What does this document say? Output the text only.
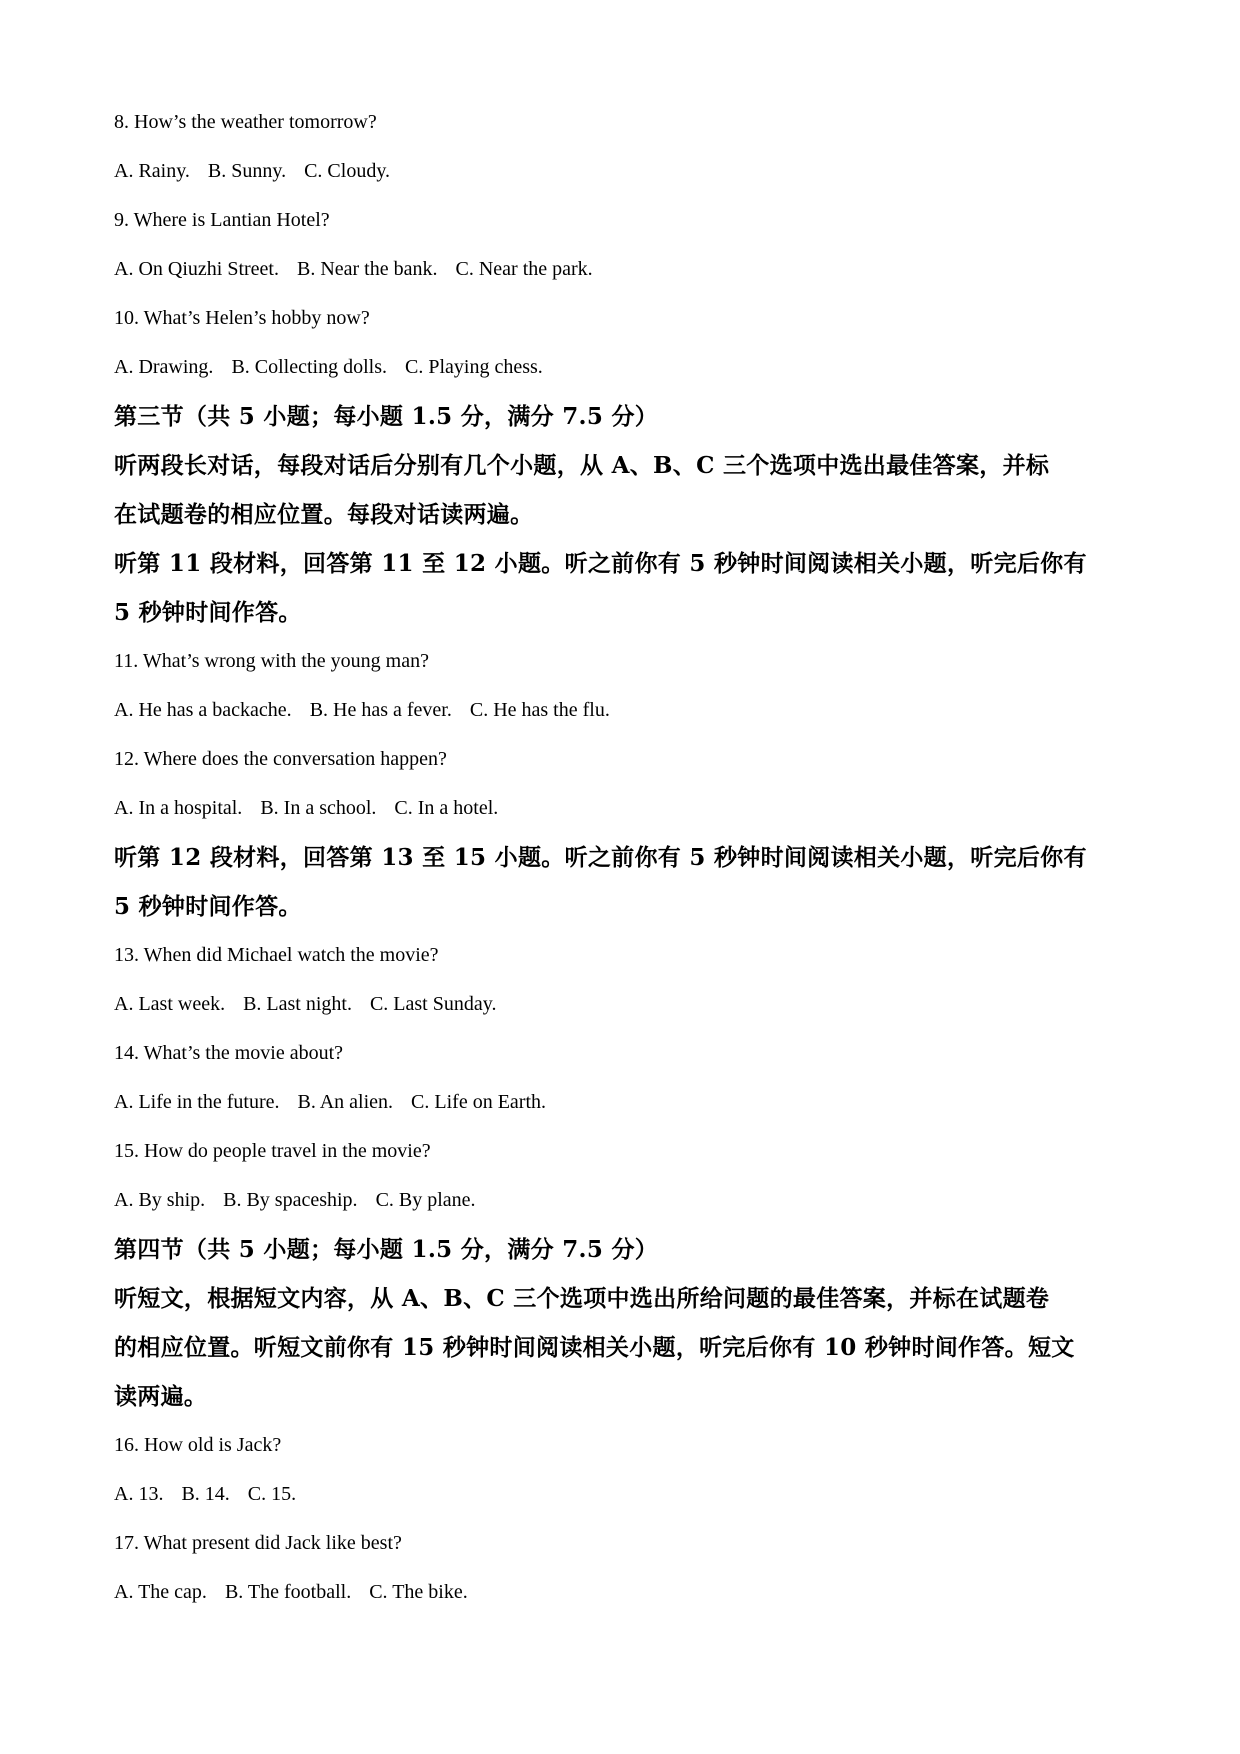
8. How’s the weather tomorrow?

A. Rainy. B. Sunny. C. Cloudy.

9. Where is Lantian Hotel?

A. On Qiuzhi Street. B. Near the bank. C. Near the park.

10. What’s Helen’s hobby now?

A. Drawing. B. Collecting dolls. C. Playing chess.

第三节（共 5 小题；每小题 1.5 分，满分 7.5 分）

听两段长对话，每段对话后分别有几个小题，从 A、B、C 三个选项中选出最佳答案，并标

在试题卷的相应位置。每段对话读两遍。

听第 11 段材料，回答第 11 至 12 小题。听之前你有 5 秒钟时间阅读相关小题，听完后你有

5 秒钟时间作答。

11. What’s wrong with the young man?

A. He has a backache. B. He has a fever. C. He has the flu.

12. Where does the conversation happen?

A. In a hospital. B. In a school. C. In a hotel.

听第 12 段材料，回答第 13 至 15 小题。听之前你有 5 秒钟时间阅读相关小题，听完后你有

5 秒钟时间作答。

13. When did Michael watch the movie?

A. Last week. B. Last night. C. Last Sunday.

14. What’s the movie about?

A. Life in the future. B. An alien. C. Life on Earth.

15. How do people travel in the movie?

A. By ship. B. By spaceship. C. By plane.

第四节（共 5 小题；每小题 1.5 分，满分 7.5 分）

听短文，根据短文内容，从 A、B、C 三个选项中选出所给问题的最佳答案，并标在试题卷

的相应位置。听短文前你有 15 秒钟时间阅读相关小题，听完后你有 10 秒钟时间作答。短文

读两遍。

16. How old is Jack?

A. 13. B. 14. C. 15.

17. What present did Jack like best?

A. The cap. B. The football. C. The bike.
